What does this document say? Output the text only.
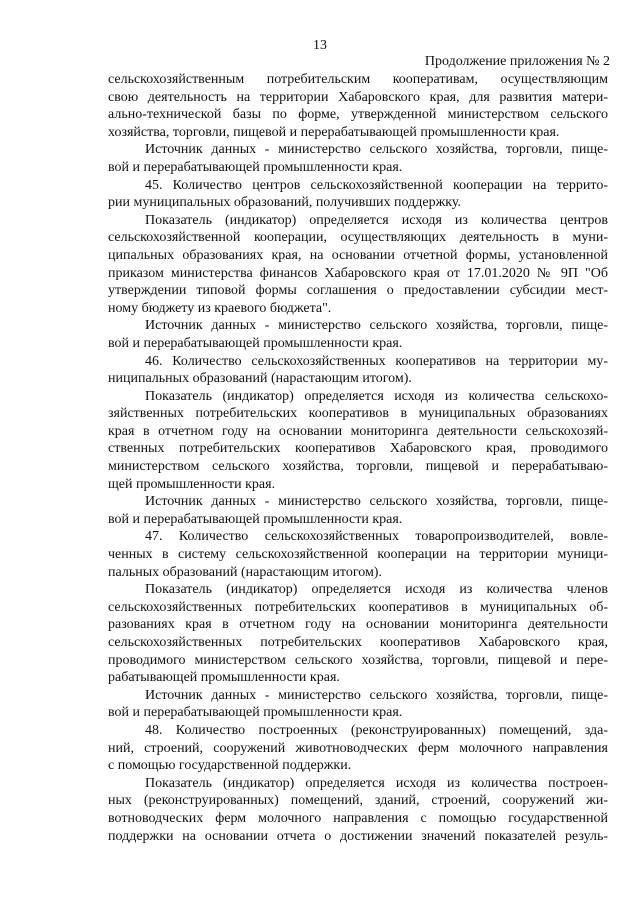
13
Продолжение приложения № 2
сельскохозяйственным потребительским кооперативам, осуществляющим
свою деятельность на территории Хабаровского края, для развития матери-
ально-технической базы по форме, утвержденной министерством сельского
хозяйства, торговли, пищевой и перерабатывающей промышленности края.
Источник данных - министерство сельского хозяйства, торговли, пище-
вой и перерабатывающей промышленности края.
45. Количество центров сельскохозяйственной кооперации на террито-
рии муниципальных образований, получивших поддержку.
Показатель (индикатор) определяется исходя из количества центров
сельскохозяйственной кооперации, осуществляющих деятельность в муни-
ципальных образованиях края, на основании отчетной формы, установленной
приказом министерства финансов Хабаровского края от 17.01.2020 № 9П "Об
утверждении типовой формы соглашения о предоставлении субсидии мест-
ному бюджету из краевого бюджета".
Источник данных - министерство сельского хозяйства, торговли, пище-
вой и перерабатывающей промышленности края.
46. Количество сельскохозяйственных кооперативов на территории му-
ниципальных образований (нарастающим итогом).
Показатель (индикатор) определяется исходя из количества сельскохо-
зяйственных потребительских кооперативов в муниципальных образованиях
края в отчетном году на основании мониторинга деятельности сельскохозяй-
ственных потребительских кооперативов Хабаровского края, проводимого
министерством сельского хозяйства, торговли, пищевой и перерабатываю-
щей промышленности края.
Источник данных - министерство сельского хозяйства, торговли, пище-
вой и перерабатывающей промышленности края.
47. Количество сельскохозяйственных товаропроизводителей, вовле-
ченных в систему сельскохозяйственной кооперации на территории муници-
пальных образований (нарастающим итогом).
Показатель (индикатор) определяется исходя из количества членов
сельскохозяйственных потребительских кооперативов в муниципальных об-
разованиях края в отчетном году на основании мониторинга деятельности
сельскохозяйственных потребительских кооперативов Хабаровского края,
проводимого министерством сельского хозяйства, торговли, пищевой и пере-
рабатывающей промышленности края.
Источник данных - министерство сельского хозяйства, торговли, пище-
вой и перерабатывающей промышленности края.
48. Количество построенных (реконструированных) помещений, зда-
ний, строений, сооружений животноводческих ферм молочного направления
с помощью государственной поддержки.
Показатель (индикатор) определяется исходя из количества построен-
ных (реконструированных) помещений, зданий, строений, сооружений жи-
вотноводческих ферм молочного направления с помощью государственной
поддержки на основании отчета о достижении значений показателей резуль-
